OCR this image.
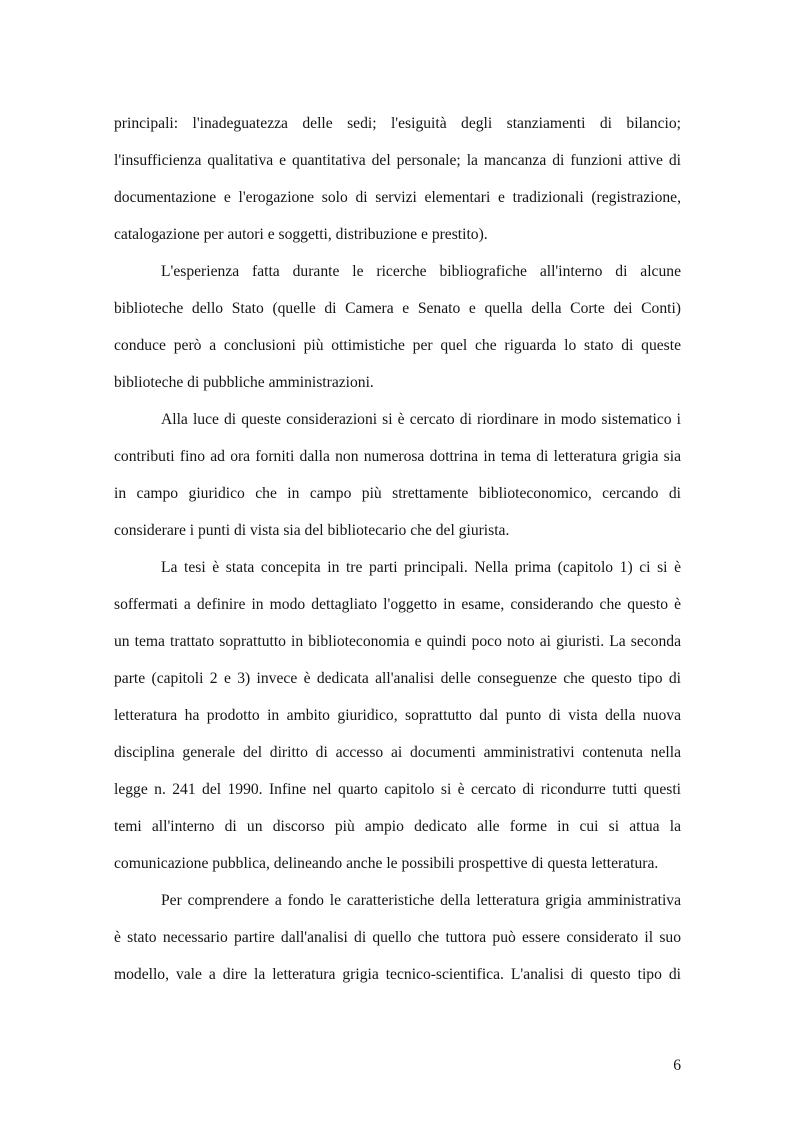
principali: l'inadeguatezza delle sedi; l'esiguità degli stanziamenti di bilancio;
l'insufficienza qualitativa e quantitativa del personale; la mancanza di funzioni attive di
documentazione e l'erogazione solo di servizi elementari e tradizionali (registrazione,
catalogazione per autori e soggetti, distribuzione e prestito).
L'esperienza fatta durante le ricerche bibliografiche all'interno di alcune
biblioteche dello Stato (quelle di Camera e Senato e quella della Corte dei Conti)
conduce però a conclusioni più ottimistiche per quel che riguarda lo stato di queste
biblioteche di pubbliche amministrazioni.
Alla luce di queste considerazioni si è cercato di riordinare in modo sistematico i
contributi fino ad ora forniti dalla non numerosa dottrina in tema di letteratura grigia sia
in campo giuridico che in campo più strettamente biblioteconomico, cercando di
considerare i punti di vista sia del bibliotecario che del giurista.
La tesi è stata concepita in tre parti principali. Nella prima (capitolo 1) ci si è
soffermati a definire in modo dettagliato l'oggetto in esame, considerando che questo è
un tema trattato soprattutto in biblioteconomia e quindi poco noto ai giuristi. La seconda
parte (capitoli 2 e 3) invece è dedicata all'analisi delle conseguenze che questo tipo di
letteratura ha prodotto in ambito giuridico, soprattutto dal punto di vista della nuova
disciplina generale del diritto di accesso ai documenti amministrativi contenuta nella
legge n. 241 del 1990. Infine nel quarto capitolo si è cercato di ricondurre tutti questi
temi all'interno di un discorso più ampio dedicato alle forme in cui si attua la
comunicazione pubblica, delineando anche le possibili prospettive di questa letteratura.
Per comprendere a fondo le caratteristiche della letteratura grigia amministrativa
è stato necessario partire dall'analisi di quello che tuttora può essere considerato il suo
modello, vale a dire la letteratura grigia tecnico-scientifica. L'analisi di questo tipo di
6
